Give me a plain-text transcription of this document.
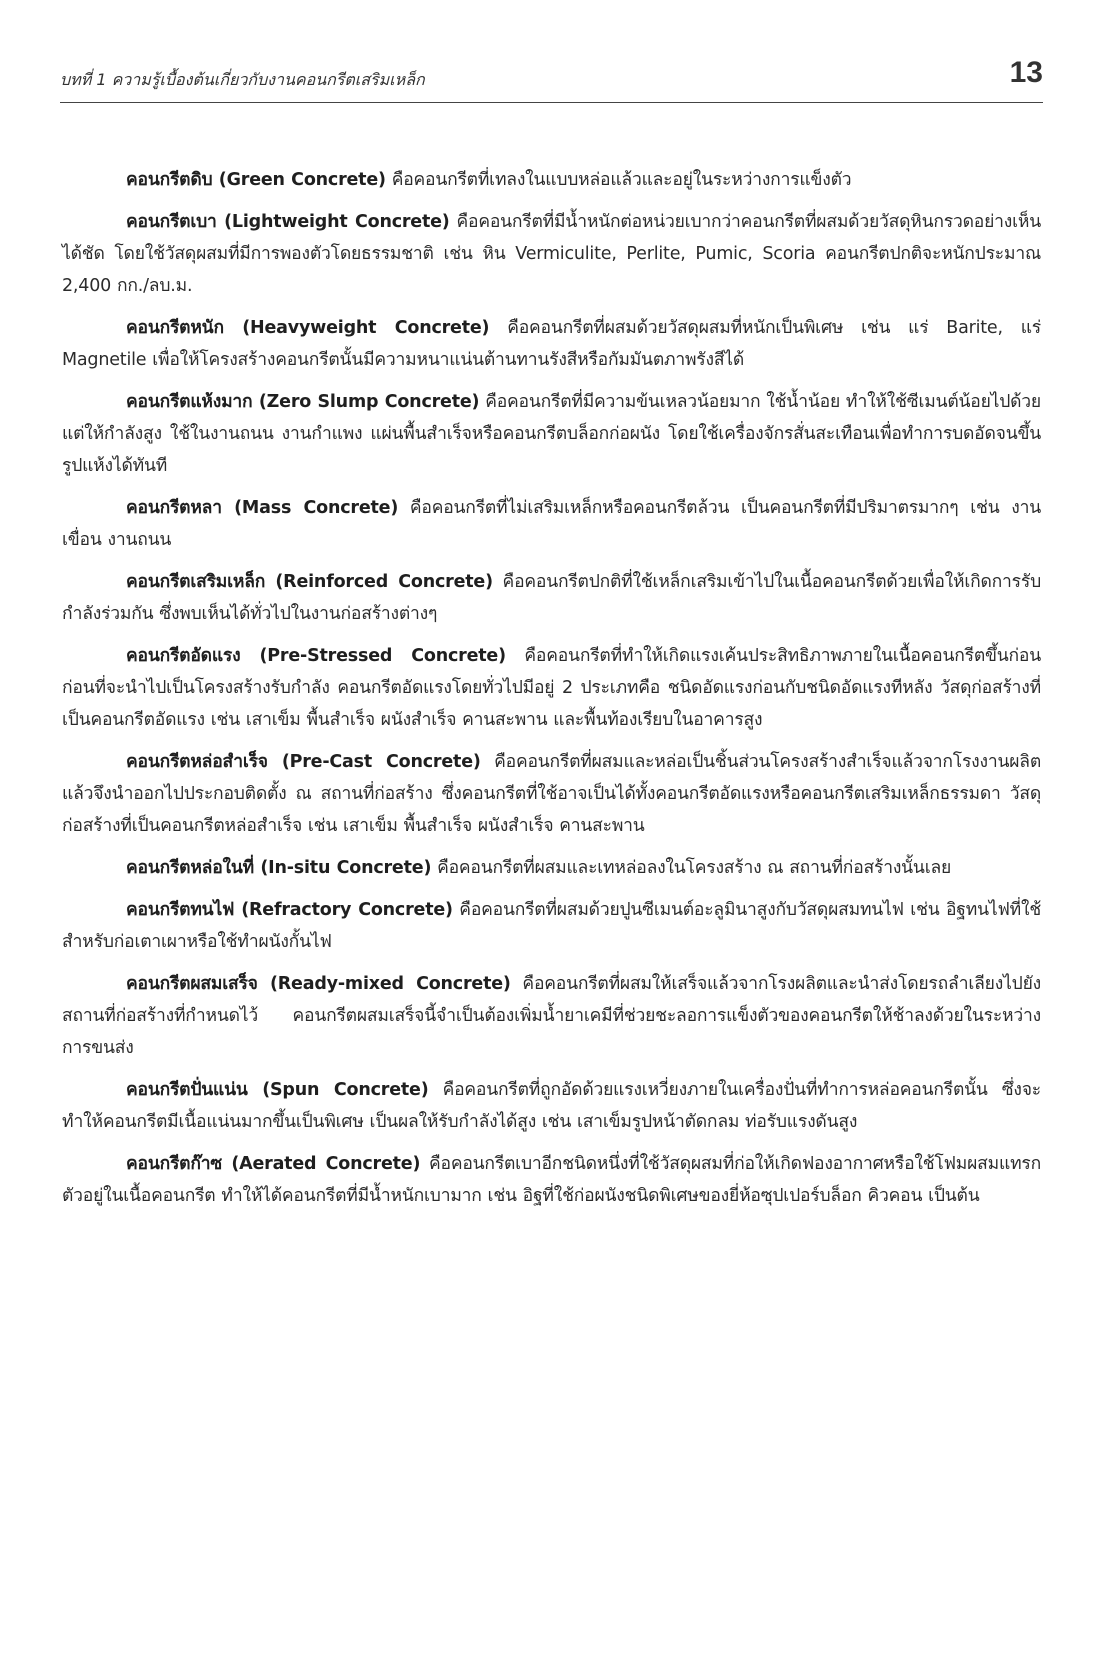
บทที่ 1 ความรู้เบื้องต้นเกี่ยวกับงานคอนกรีตเสริมเหล็ก	13

คอนกรีตดิบ (Green Concrete) คือคอนกรีตที่เทลงในแบบหล่อแล้วและอยู่ในระหว่างการแข็งตัว

คอนกรีตเบา (Lightweight Concrete) คือคอนกรีตที่มีน้ำหนักต่อหน่วยเบากว่าคอนกรีตที่ผสมด้วยวัสดุหินกรวดอย่างเห็นได้ชัด โดยใช้วัสดุผสมที่มีการพองตัวโดยธรรมชาติ เช่น หิน Vermiculite, Perlite, Pumic, Scoria คอนกรีตปกติจะหนักประมาณ 2,400 กก./ลบ.ม.

คอนกรีตหนัก (Heavyweight Concrete) คือคอนกรีตที่ผสมด้วยวัสดุผสมที่หนักเป็นพิเศษ เช่น แร่ Barite, แร่ Magnetile เพื่อให้โครงสร้างคอนกรีตนั้นมีความหนาแน่นต้านทานรังสีหรือกัมมันตภาพรังสีได้

คอนกรีตแห้งมาก (Zero Slump Concrete) คือคอนกรีตที่มีความข้นเหลวน้อยมาก ใช้น้ำน้อย ทำให้ใช้ซีเมนต์น้อยไปด้วย แต่ให้กำลังสูง ใช้ในงานถนน งานกำแพง แผ่นพื้นสำเร็จหรือคอนกรีตบล็อกก่อผนัง โดยใช้เครื่องจักรสั่นสะเทือนเพื่อทำการบดอัดจนขึ้นรูปแห้งได้ทันที

คอนกรีตหลา (Mass Concrete) คือคอนกรีตที่ไม่เสริมเหล็กหรือคอนกรีตล้วน เป็นคอนกรีตที่มีปริมาตรมากๆ เช่น งานเขื่อน งานถนน

คอนกรีตเสริมเหล็ก (Reinforced Concrete) คือคอนกรีตปกติที่ใช้เหล็กเสริมเข้าไปในเนื้อคอนกรีตด้วยเพื่อให้เกิดการรับกำลังร่วมกัน ซึ่งพบเห็นได้ทั่วไปในงานก่อสร้างต่างๆ

คอนกรีตอัดแรง (Pre-Stressed Concrete) คือคอนกรีตที่ทำให้เกิดแรงเค้นประสิทธิภาพภายในเนื้อคอนกรีตขึ้นก่อน ก่อนที่จะนำไปเป็นโครงสร้างรับกำลัง คอนกรีตอัดแรงโดยทั่วไปมีอยู่ 2 ประเภทคือ ชนิดอัดแรงก่อนกับชนิดอัดแรงทีหลัง วัสดุก่อสร้างที่เป็นคอนกรีตอัดแรง เช่น เสาเข็ม พื้นสำเร็จ ผนังสำเร็จ คานสะพาน และพื้นท้องเรียบในอาคารสูง

คอนกรีตหล่อสำเร็จ (Pre-Cast Concrete) คือคอนกรีตที่ผสมและหล่อเป็นชิ้นส่วนโครงสร้างสำเร็จแล้วจากโรงงานผลิต แล้วจึงนำออกไปประกอบติดตั้ง ณ สถานที่ก่อสร้าง ซึ่งคอนกรีตที่ใช้อาจเป็นได้ทั้งคอนกรีตอัดแรงหรือคอนกรีตเสริมเหล็กธรรมดา วัสดุก่อสร้างที่เป็นคอนกรีตหล่อสำเร็จ เช่น เสาเข็ม พื้นสำเร็จ ผนังสำเร็จ คานสะพาน

คอนกรีตหล่อในที่ (In-situ Concrete) คือคอนกรีตที่ผสมและเทหล่อลงในโครงสร้าง ณ สถานที่ก่อสร้างนั้นเลย

คอนกรีตทนไฟ (Refractory Concrete) คือคอนกรีตที่ผสมด้วยปูนซีเมนต์อะลูมินาสูงกับวัสดุผสมทนไฟ เช่น อิฐทนไฟที่ใช้สำหรับก่อเตาเผาหรือใช้ทำผนังกั้นไฟ

คอนกรีตผสมเสร็จ (Ready-mixed Concrete) คือคอนกรีตที่ผสมให้เสร็จแล้วจากโรงผลิตและนำส่งโดยรถลำเลียงไปยังสถานที่ก่อสร้างที่กำหนดไว้ คอนกรีตผสมเสร็จนี้จำเป็นต้องเพิ่มน้ำยาเคมีที่ช่วยชะลอการแข็งตัวของคอนกรีตให้ช้าลงด้วยในระหว่างการขนส่ง

คอนกรีตปั่นแน่น (Spun Concrete) คือคอนกรีตที่ถูกอัดด้วยแรงเหวี่ยงภายในเครื่องปั่นที่ทำการหล่อคอนกรีตนั้น ซึ่งจะทำให้คอนกรีตมีเนื้อแน่นมากขึ้นเป็นพิเศษ เป็นผลให้รับกำลังได้สูง เช่น เสาเข็มรูปหน้าตัดกลม ท่อรับแรงดันสูง

คอนกรีตก๊าซ (Aerated Concrete) คือคอนกรีตเบาอีกชนิดหนึ่งที่ใช้วัสดุผสมที่ก่อให้เกิดฟองอากาศหรือใช้โฟมผสมแทรกตัวอยู่ในเนื้อคอนกรีต ทำให้ได้คอนกรีตที่มีน้ำหนักเบามาก เช่น อิฐที่ใช้ก่อผนังชนิดพิเศษของยี่ห้อซุปเปอร์บล็อก คิวคอน เป็นต้น
